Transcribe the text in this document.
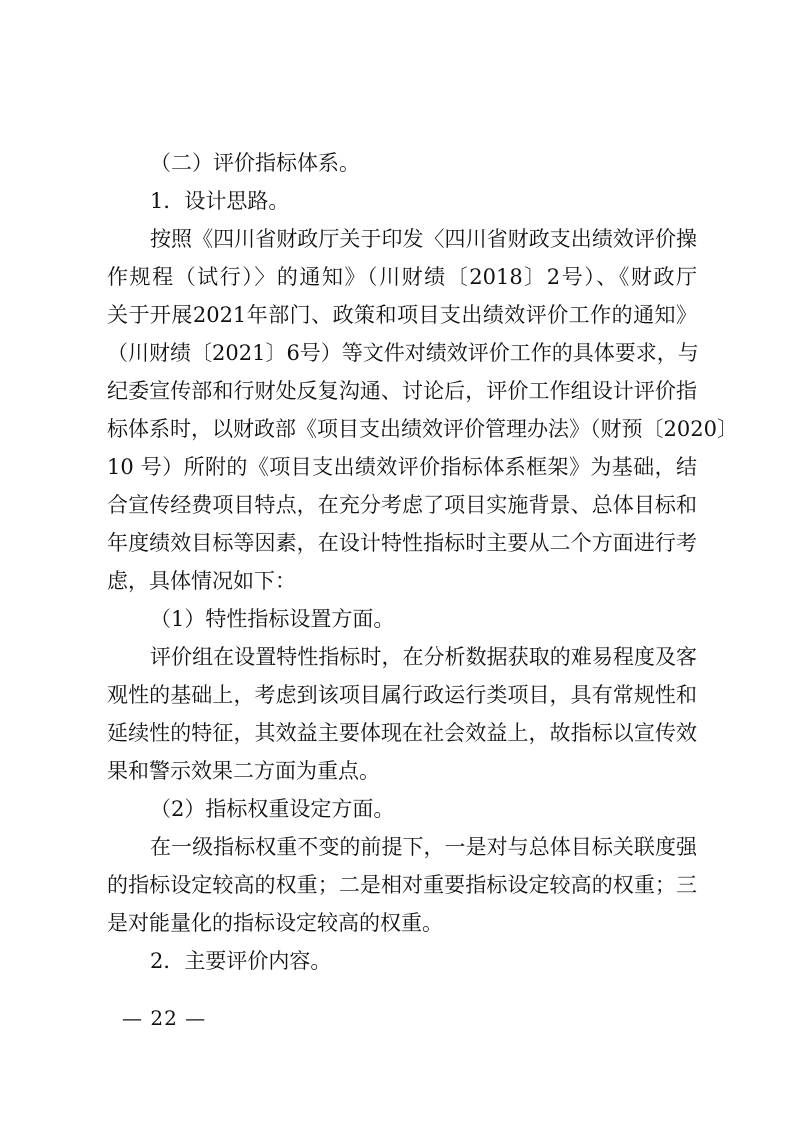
（二）评价指标体系。
1．设计思路。
按照《四川省财政厅关于印发〈四川省财政支出绩效评价操
作规程（试行）〉的通知》（川财绩〔2018〕2号）、《财政厅
关于开展2021年部门、政策和项目支出绩效评价工作的通知》
（川财绩〔2021〕6号）等文件对绩效评价工作的具体要求，与
纪委宣传部和行财处反复沟通、讨论后，评价工作组设计评价指
标体系时，以财政部《项目支出绩效评价管理办法》（财预〔2020〕
10 号）所附的《项目支出绩效评价指标体系框架》为基础，结
合宣传经费项目特点，在充分考虑了项目实施背景、总体目标和
年度绩效目标等因素，在设计特性指标时主要从二个方面进行考
虑，具体情况如下：
（1）特性指标设置方面。
评价组在设置特性指标时，在分析数据获取的难易程度及客
观性的基础上，考虑到该项目属行政运行类项目，具有常规性和
延续性的特征，其效益主要体现在社会效益上，故指标以宣传效
果和警示效果二方面为重点。
（2）指标权重设定方面。
在一级指标权重不变的前提下，一是对与总体目标关联度强
的指标设定较高的权重；二是相对重要指标设定较高的权重；三
是对能量化的指标设定较高的权重。
2．主要评价内容。
— 22 —
